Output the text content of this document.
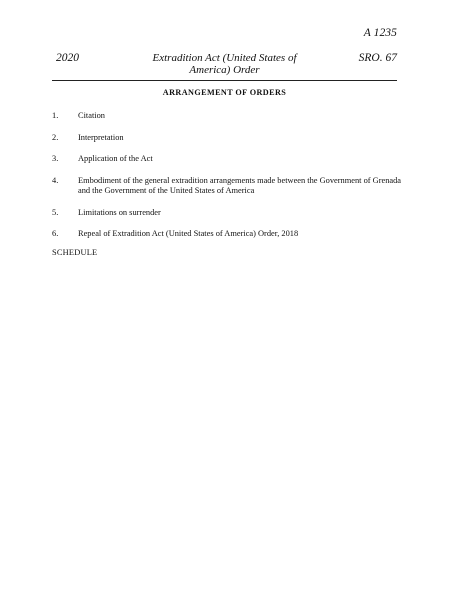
A 1235
2020	Extradition Act (United States of
America) Order
SRO. 67
ARRANGEMENT OF ORDERS
1.	Citation
2.	Interpretation
3.	Application of the Act
4.	Embodiment of the general extradition arrangements made between the Government of Grenada and the Government of the United States of America
5.	Limitations on surrender
6.	Repeal of Extradition Act (United States of America) Order, 2018
SCHEDULE
